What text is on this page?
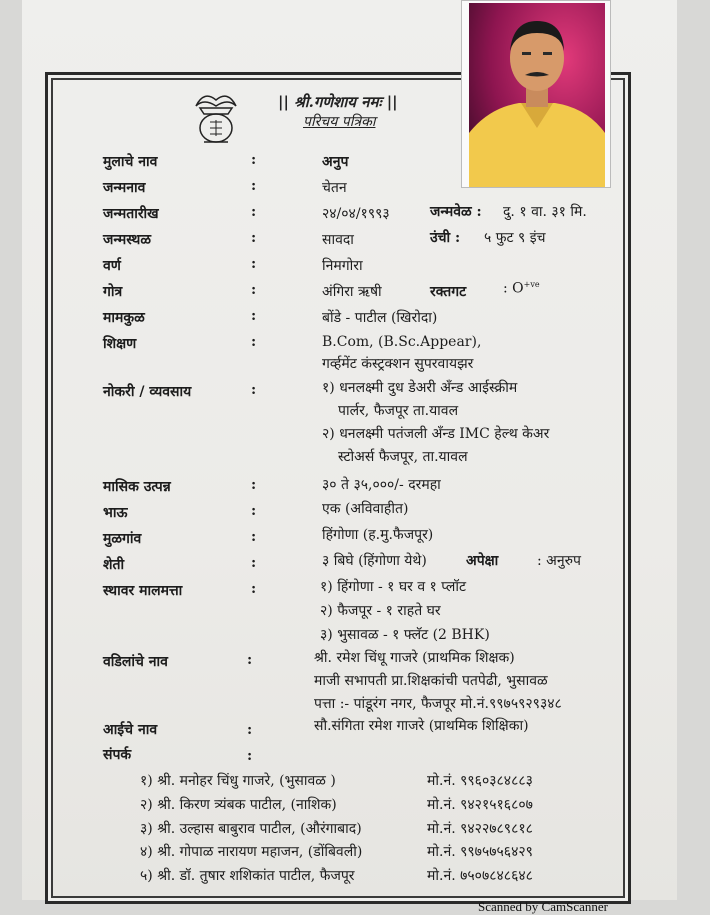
|| श्री.गणेशाय नमः ||
परिचय पत्रिका
मुलाचे नाव	:	अनुप
जन्मनाव	:	चेतन
जन्मतारीख	:	२४/०४/१९९३	जन्मवेळ : दु. १ वा. ३१ मि.
जन्मस्थळ	:	सावदा	उंची : ५ फुट ९ इंच
वर्ण	:	निमगोरा
गोत्र	:	अंगिरा ऋषी	रक्तगट	: $O^{+ve}$
मामकुळ	:	बोंडे - पाटील (खिरोदा)
शिक्षण	:	B.Com, (B.Sc.Appear),
गर्व्हमेंट कंस्ट्रक्शन सुपरवायझर
नोकरी / व्यवसाय	:	१) धनलक्ष्मी दुध डेअरी अँन्ड आईस्क्रीम
पार्लर, फैजपूर ता.यावल
२) धनलक्ष्मी पतंजली अँन्ड IMC हेल्थ केअर
स्टोअर्स फैजपूर, ता.यावल
मासिक उत्पन्न	:	३० ते ३५,०००/- दरमहा
भाऊ	:	एक (अविवाहीत)
मुळगांव	:	हिंगोणा (ह.मु.फैजपूर)
शेती	:	३ बिघे (हिंगोणा येथे)	अपेक्षा	: अनुरुप
स्थावर मालमत्ता	:	१) हिंगोणा - १ घर व १ प्लॉट
२) फैजपूर - १ राहते घर
३) भुसावळ - १ फ्लॅट (2 BHK)
वडिलांचे नाव	:	श्री. रमेश चिंधू गाजरे (प्राथमिक शिक्षक)
माजी सभापती प्रा.शिक्षकांची पतपेढी, भुसावळ
पत्ता :- पांडूरंग नगर, फैजपूर मो.नं.९९७५९२९३४८
आईचे नाव	:	सौ.संगिता रमेश गाजरे (प्राथमिक शिक्षिका)
संपर्क	:
१) श्री. मनोहर चिंधु गाजरे, (भुसावळ )	मो.नं. ९९६०३८४८८३
२) श्री. किरण त्र्यंबक पाटील, (नाशिक)	मो.नं. ९४२१५१६८०७
३) श्री. उल्हास बाबुराव पाटील, (औरंगाबाद)	मो.नं. ९४२२७८९८१८
४) श्री. गोपाळ नारायण महाजन, (डोंबिवली)	मो.नं. ९९७५७५६४२९
५) श्री. डॉ. तुषार शशिकांत पाटील, फैजपूर	मो.नं. ७५०७८४८६४८
Scanned by CamScanner
